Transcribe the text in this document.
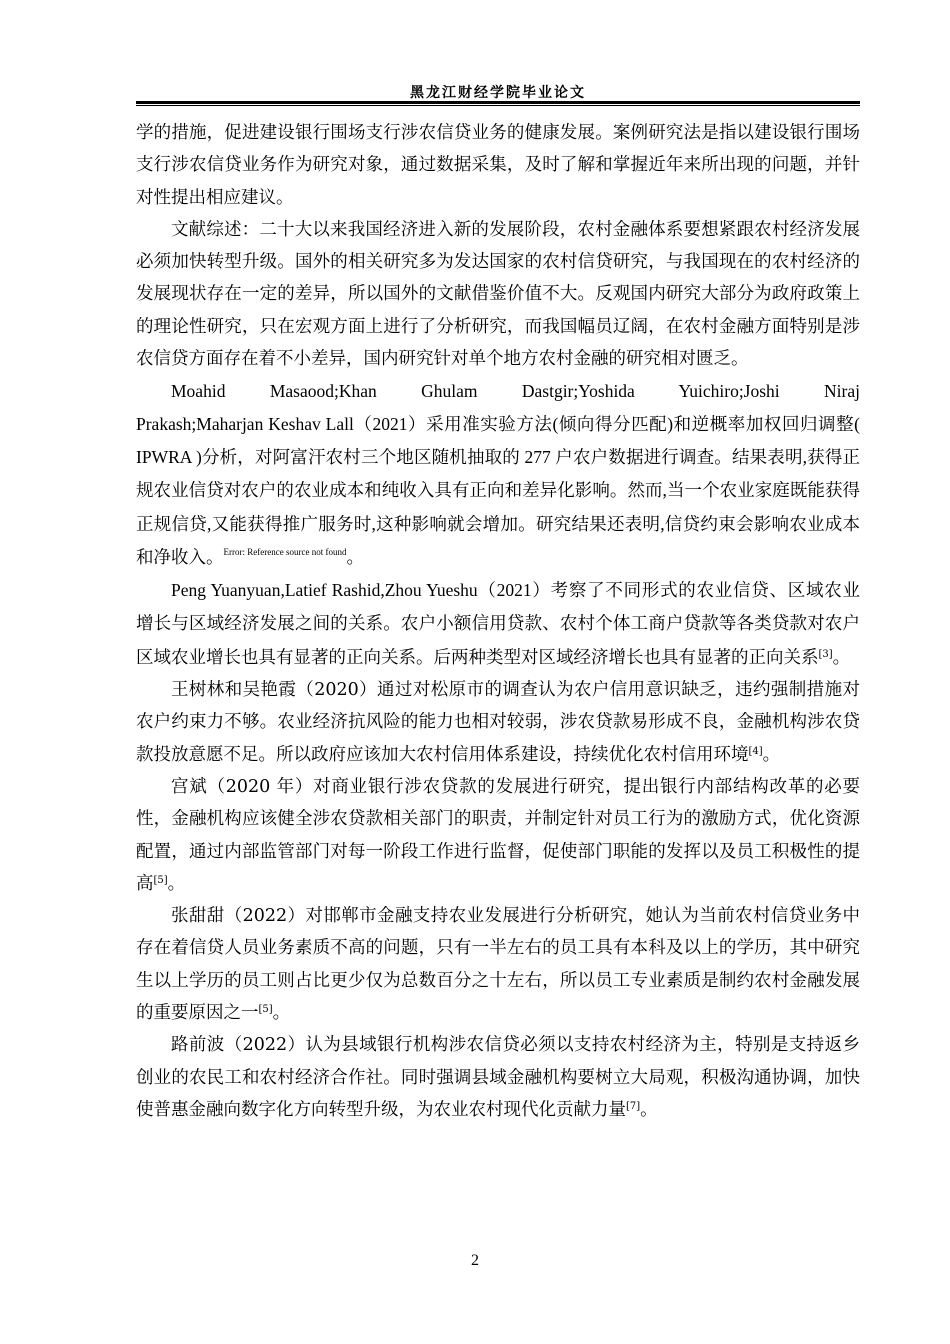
黑龙江财经学院毕业论文

学的措施，促进建设银行围场支行涉农信贷业务的健康发展。案例研究法是指以建设银行围场支行涉农信贷业务作为研究对象，通过数据采集，及时了解和掌握近年来所出现的问题，并针对性提出相应建议。

文献综述：二十大以来我国经济进入新的发展阶段，农村金融体系要想紧跟农村经济发展必须加快转型升级。国外的相关研究多为发达国家的农村信贷研究，与我国现在的农村经济的发展现状存在一定的差异，所以国外的文献借鉴价值不大。反观国内研究大部分为政府政策上的理论性研究，只在宏观方面上进行了分析研究，而我国幅员辽阔，在农村金融方面特别是涉农信贷方面存在着不小差异，国内研究针对单个地方农村金融的研究相对匮乏。

Moahid Masaood;Khan Ghulam Dastgir;Yoshida Yuichiro;Joshi Niraj

Prakash;Maharjan Keshav Lall（2021）采用准实验方法(倾向得分匹配)和逆概率加权回归调整( IPWRA )分析，对阿富汗农村三个地区随机抽取的 277 户农户数据进行调查。结果表明,获得正规农业信贷对农户的农业成本和纯收入具有正向和差异化影响。然而,当一个农业家庭既能获得正规信贷,又能获得推广服务时,这种影响就会增加。研究结果还表明,信贷约束会影响农业成本和净收入。$^{Error: Reference source not found}$。

Peng Yuanyuan,Latief Rashid,Zhou Yueshu（2021）考察了不同形式的农业信贷、区域农业增长与区域经济发展之间的关系。农户小额信用贷款、农村个体工商户贷款等各类贷款对农户区域农业增长也具有显著的正向关系。后两种类型对区域经济增长也具有显著的正向关系[3]。

王树林和吴艳霞（2020）通过对松原市的调查认为农户信用意识缺乏，违约强制措施对农户约束力不够。农业经济抗风险的能力也相对较弱，涉农贷款易形成不良，金融机构涉农贷款投放意愿不足。所以政府应该加大农村信用体系建设，持续优化农村信用环境[4]。

宫斌（2020 年）对商业银行涉农贷款的发展进行研究，提出银行内部结构改革的必要性，金融机构应该健全涉农贷款相关部门的职责，并制定针对员工行为的激励方式，优化资源配置，通过内部监管部门对每一阶段工作进行监督，促使部门职能的发挥以及员工积极性的提高[5]。

张甜甜（2022）对邯郸市金融支持农业发展进行分析研究，她认为当前农村信贷业务中存在着信贷人员业务素质不高的问题，只有一半左右的员工具有本科及以上的学历，其中研究生以上学历的员工则占比更少仅为总数百分之十左右，所以员工专业素质是制约农村金融发展的重要原因之一[5]。

路前波（2022）认为县域银行机构涉农信贷必须以支持农村经济为主，特别是支持返乡创业的农民工和农村经济合作社。同时强调县域金融机构要树立大局观，积极沟通协调，加快使普惠金融向数字化方向转型升级，为农业农村现代化贡献力量[7]。

2
